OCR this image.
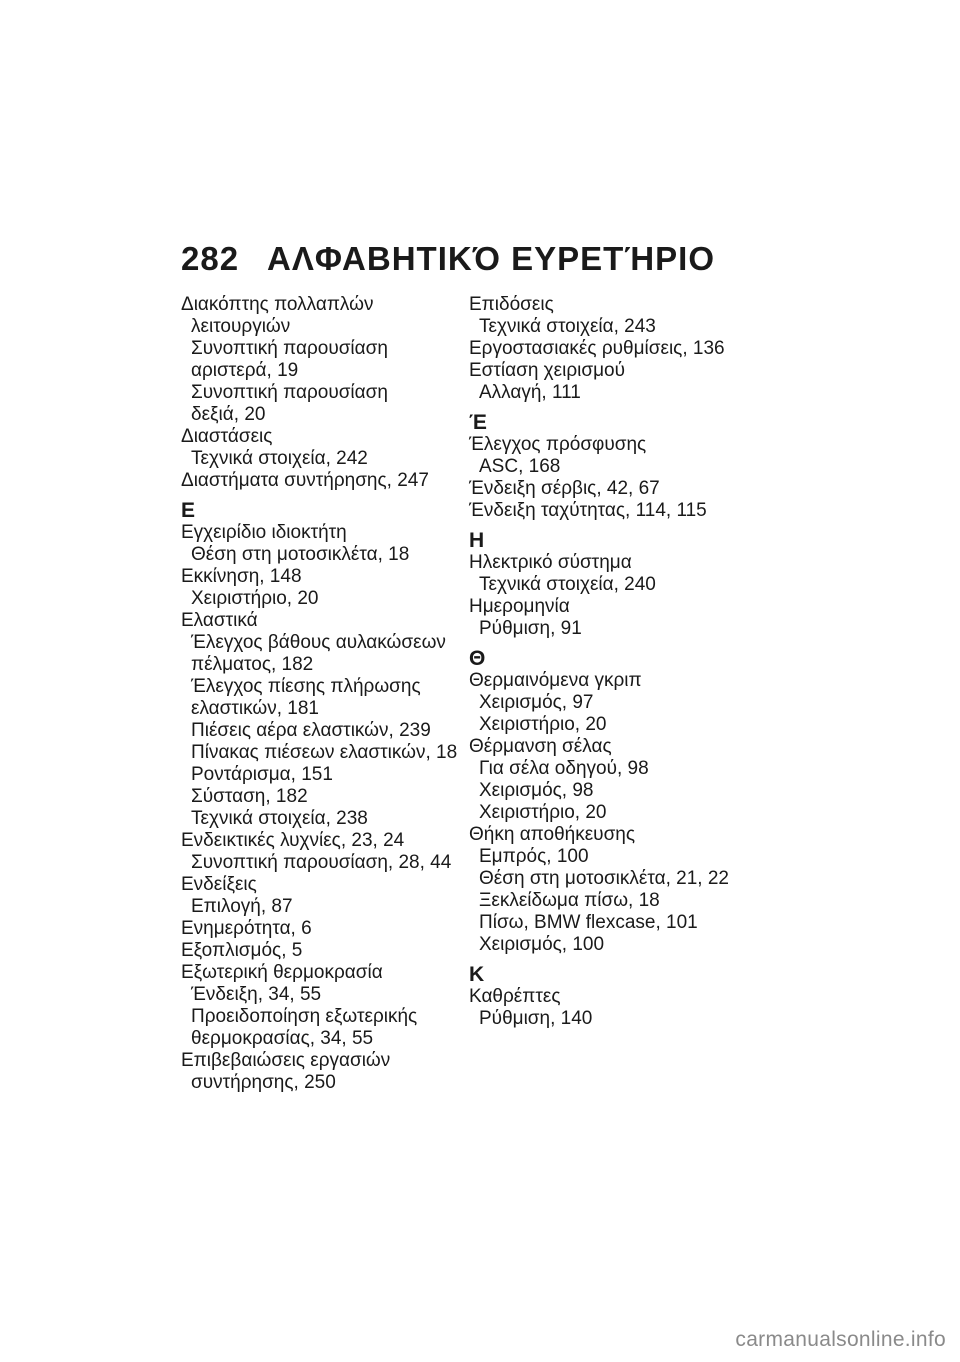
282 ΑΛΦΑΒΗΤΙΚΌ ΕΥΡΕΤΉΡΙΟ
Διακόπτης πολλαπλών
λειτουργιών
Συνοπτική παρουσίαση
αριστερά, 19
Συνοπτική παρουσίαση
δεξιά, 20
Διαστάσεις
Τεχνικά στοιχεία, 242
Διαστήματα συντήρησης, 247
Ε
Εγχειρίδιο ιδιοκτήτη
Θέση στη μοτοσικλέτα, 18
Εκκίνηση, 148
Χειριστήριο, 20
Ελαστικά
Έλεγχος βάθους αυλακώσεων
πέλματος, 182
Έλεγχος πίεσης πλήρωσης
ελαστικών, 181
Πιέσεις αέρα ελαστικών, 239
Πίνακας πιέσεων ελαστικών, 18
Ροντάρισμα, 151
Σύσταση, 182
Τεχνικά στοιχεία, 238
Ενδεικτικές λυχνίες, 23, 24
Συνοπτική παρουσίαση, 28, 44
Ενδείξεις
Επιλογή, 87
Ενημερότητα, 6
Εξοπλισμός, 5
Εξωτερική θερμοκρασία
Ένδειξη, 34, 55
Προειδοποίηση εξωτερικής
θερμοκρασίας, 34, 55
Επιβεβαιώσεις εργασιών
συντήρησης, 250
Επιδόσεις
Τεχνικά στοιχεία, 243
Εργοστασιακές ρυθμίσεις, 136
Εστίαση χειρισμού
Αλλαγή, 111
Έ
Έλεγχος πρόσφυσης
ASC, 168
Ένδειξη σέρβις, 42, 67
Ένδειξη ταχύτητας, 114, 115
Η
Ηλεκτρικό σύστημα
Τεχνικά στοιχεία, 240
Ημερομηνία
Ρύθμιση, 91
Θ
Θερμαινόμενα γκριπ
Χειρισμός, 97
Χειριστήριο, 20
Θέρμανση σέλας
Για σέλα οδηγού, 98
Χειρισμός, 98
Χειριστήριο, 20
Θήκη αποθήκευσης
Εμπρός, 100
Θέση στη μοτοσικλέτα, 21, 22
Ξεκλείδωμα πίσω, 18
Πίσω, BMW flexcase, 101
Χειρισμός, 100
Κ
Καθρέπτες
Ρύθμιση, 140
carmanualsonline.info
